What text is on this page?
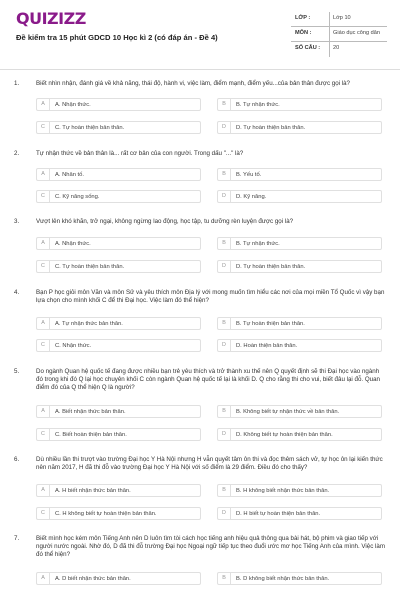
QUIZIZZ
Đề kiểm tra 15 phút GDCD 10 Học kì 2 (có đáp án - Đề 4)
LỚP :	Lớp 10
MÔN :	Giáo dục công dân
SỐ CÂU : 20
1.	Biết nhìn nhận, đánh giá về khả năng, thái độ, hành vi, việc làm, điểm mạnh, điểm yếu...của bản thân được gọi là?
A	A. Nhận thức.	B	B. Tự nhận thức.
C	C. Tự hoàn thiện bản thân.	D	D. Tự hoàn thiện bản thân.
2.	Tự nhận thức về bản thân là... rất cơ bản của con người. Trong dấu "..." là?
A	A. Nhân tố.	B	B. Yếu tố.
C	C. Kỹ năng sống.	D	D. Kỹ năng.
3.	Vượt lên khó khăn, trở ngại, không ngừng lao động, học tập, tu dưỡng rèn luyện được gọi là?
A	A. Nhận thức.	B	B. Tự nhận thức.
C	C. Tự hoàn thiện bản thân.	D	D. Tự hoàn thiện bản thân.
4.	Bạn P học giỏi môn Văn và môn Sử và yêu thích môn Địa lý với mong muốn tìm hiểu các nơi của mọi miền Tổ Quốc vì vậy bạn lựa chọn cho mình khối C để thi Đại học. Việc làm đó thể hiện?
A	A. Tự nhận thức bản thân.	B	B. Tự hoàn thiện bản thân.
C	C. Nhận thức.	D	D. Hoàn thiện bản thân.
5.	Do ngành Quan hệ quốc tế đang được nhiều bạn trẻ yêu thích và trở thành xu thế nên Q quyết định sẽ thi Đại học vào ngành đó trong khi đó Q lại học chuyên khối C còn ngành Quan hệ quốc tế lại là khối D. Q cho rằng thi cho vui, biết đâu lại đỗ. Quan điểm đó của Q thể hiện Q là người?
A	A. Biết nhận thức bản thân.	B	B. Không biết tự nhận thức về bản thân.
C	C. Biết hoàn thiện bản thân.	D	D. Không biết tự hoàn thiện bản thân.
6.	Dù nhiều lần thi trượt vào trường Đại học Y Hà Nội nhưng H vẫn quyết tâm ôn thi và đọc thêm sách vở, tự học ôn lại kiến thức nên năm 2017, H đã thi đỗ vào trường Đại học Y Hà Nội với số điểm là 29 điểm. Điều đó cho thấy?
A	A. H biết nhận thức bản thân.	B	B. H không biết nhận thức bản thân.
C	C. H không biết tự hoàn thiện bản thân.	D	D. H biết tự hoàn thiện bản thân.
7.	Biết mình học kém môn Tiếng Anh nên D luôn tìm tòi cách học tiếng anh hiệu quả thông qua bài hát, bộ phim và giao tiếp với người nước ngoài. Nhờ đó, D đã thi đỗ trường Đại học Ngoại ngữ tiếp tục theo đuổi ước mơ học Tiếng Anh của mình. Việc làm đó thể hiện?
A	A. D biết nhận thức bản thân.	B	B. D không biết nhận thức bản thân.
